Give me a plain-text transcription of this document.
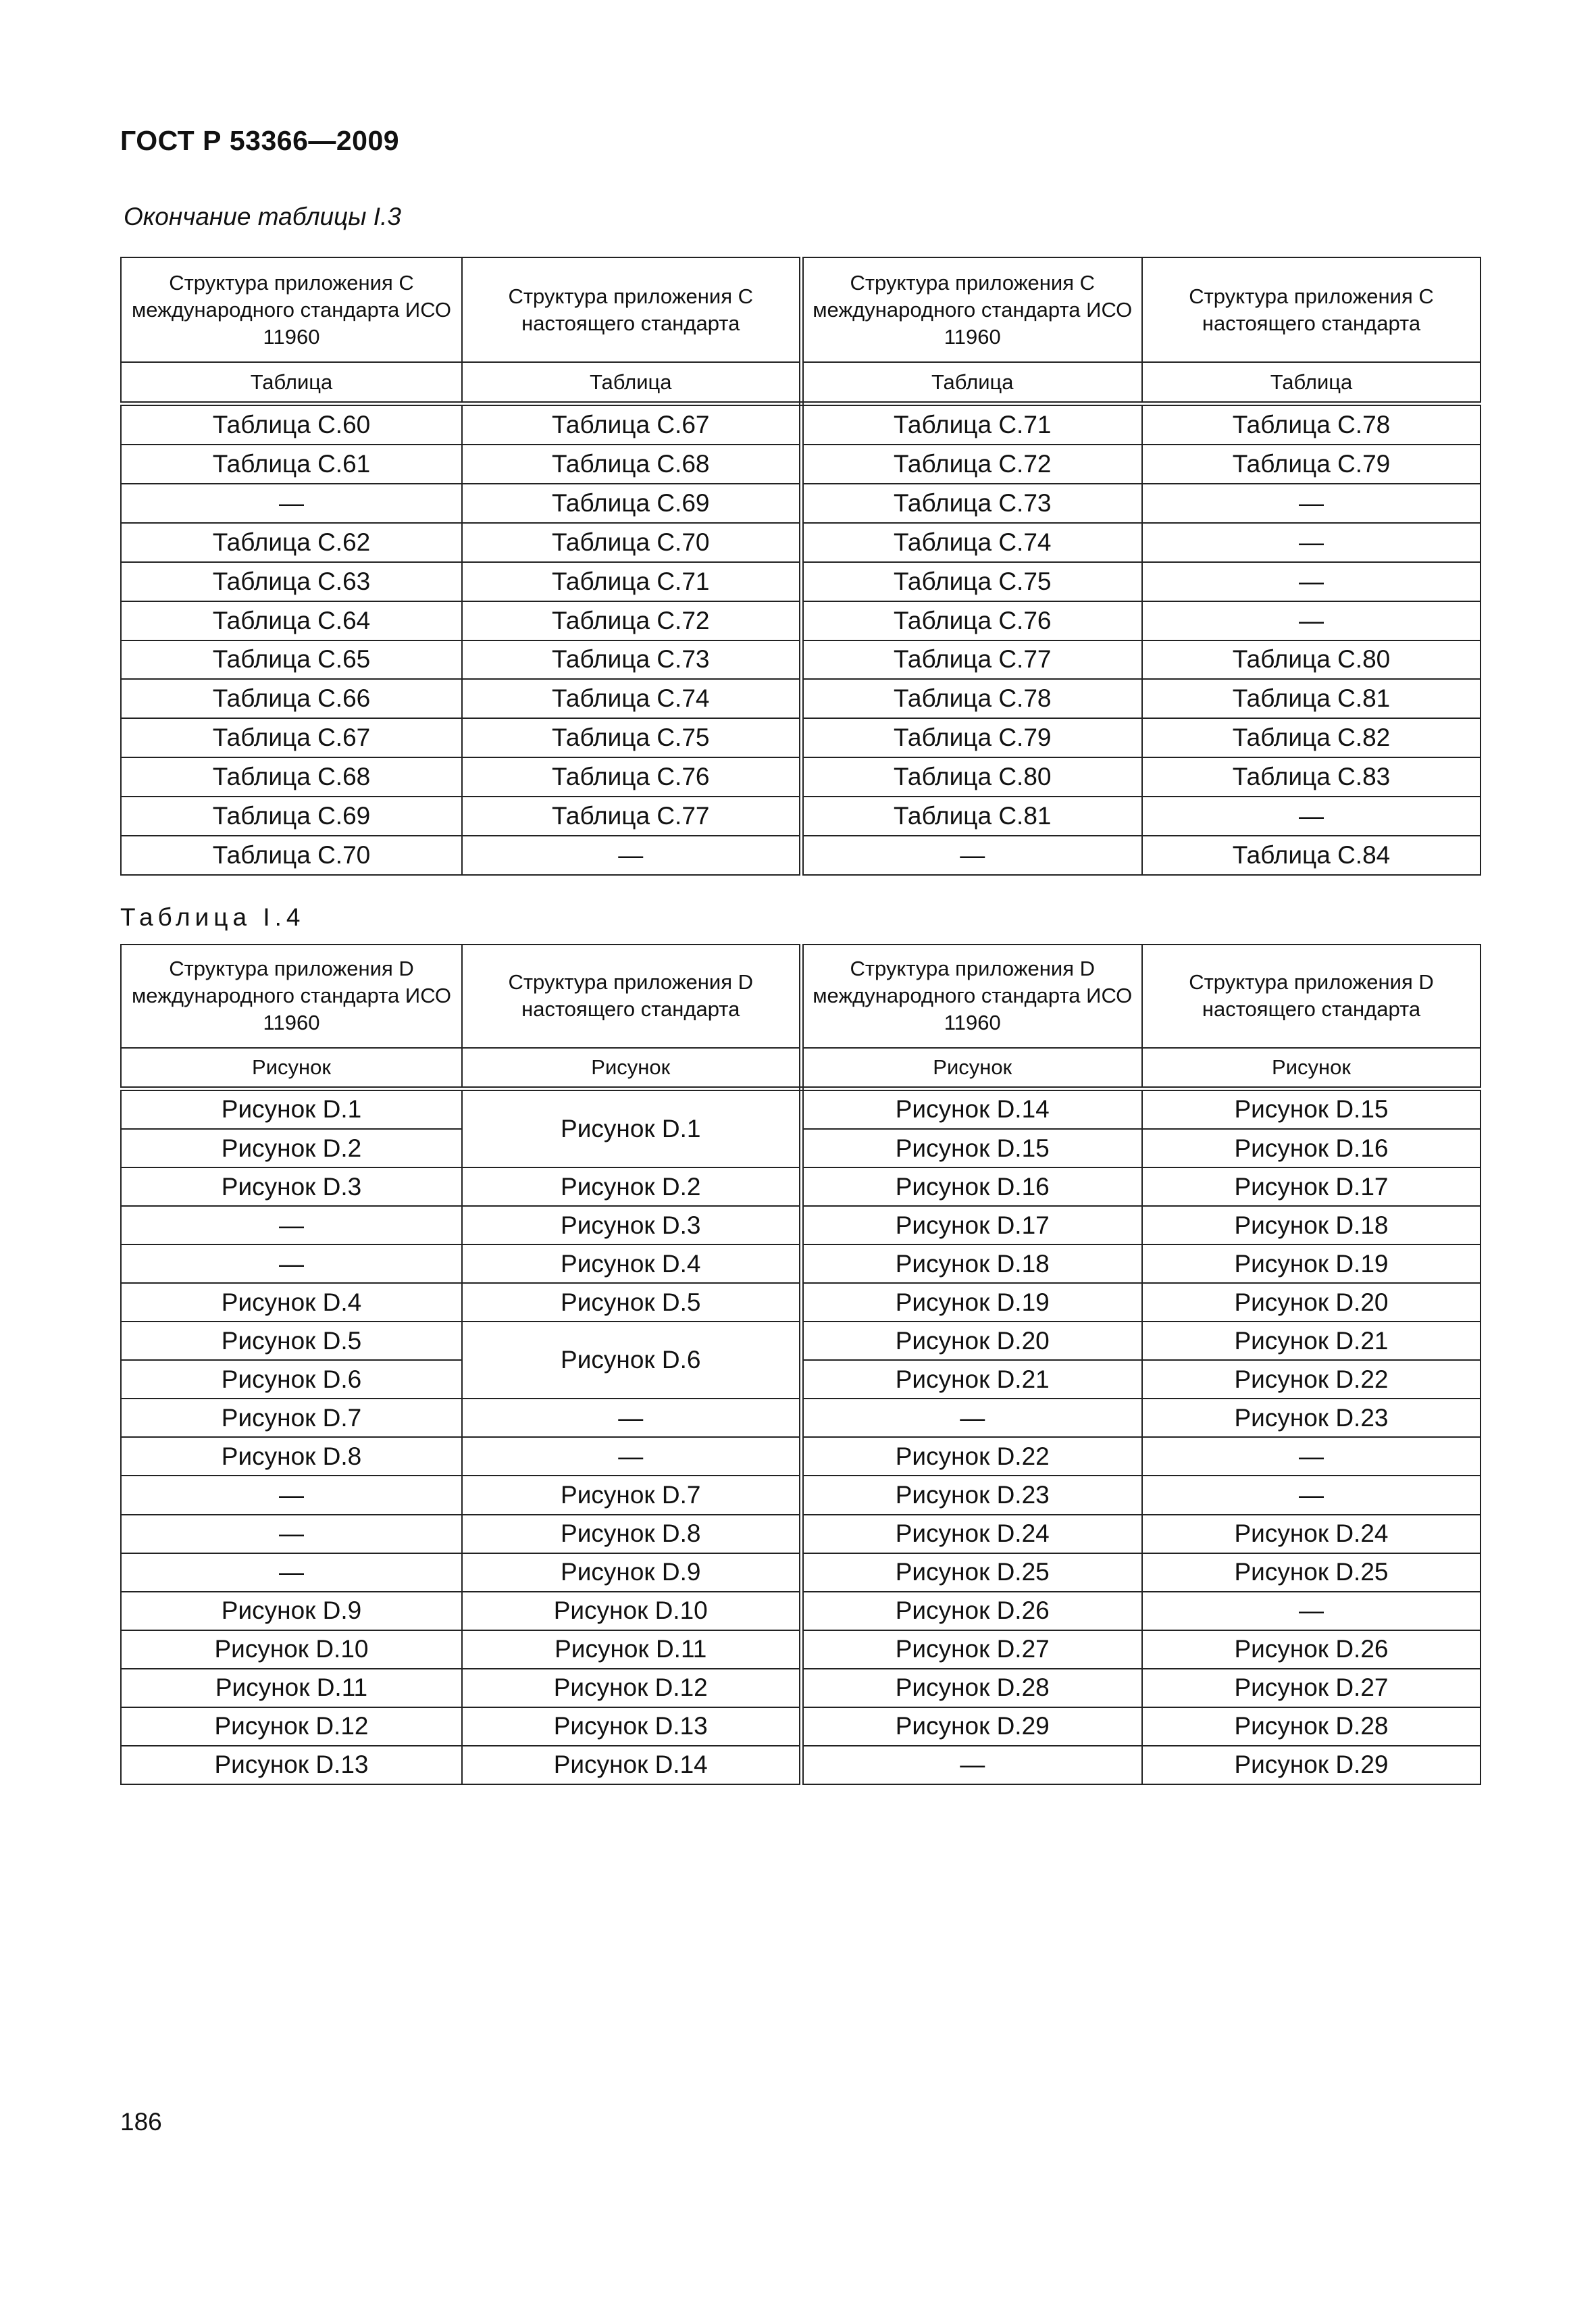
ГОСТ Р 53366—2009
Окончание таблицы I.3
Структура приложения С международного стандарта ИСО 11960	Структура приложения С настоящего стандарта	Структура приложения С международного стандарта ИСО 11960	Структура приложения С настоящего стандарта
Таблица	Таблица	Таблица	Таблица
Таблица С.60	Таблица С.67	Таблица С.71	Таблица С.78
Таблица С.61	Таблица С.68	Таблица С.72	Таблица С.79
—	Таблица С.69	Таблица С.73	—
Таблица С.62	Таблица С.70	Таблица С.74	—
Таблица С.63	Таблица С.71	Таблица С.75	—
Таблица С.64	Таблица С.72	Таблица С.76	—
Таблица С.65	Таблица С.73	Таблица С.77	Таблица С.80
Таблица С.66	Таблица С.74	Таблица С.78	Таблица С.81
Таблица С.67	Таблица С.75	Таблица С.79	Таблица С.82
Таблица С.68	Таблица С.76	Таблица С.80	Таблица С.83
Таблица С.69	Таблица С.77	Таблица С.81	—
Таблица С.70	—	—	Таблица С.84
Таблица I.4
Структура приложения D международного стандарта ИСО 11960	Структура приложения D настоящего стандарта	Структура приложения D международного стандарта ИСО 11960	Структура приложения D настоящего стандарта
Рисунок	Рисунок	Рисунок	Рисунок
Рисунок D.1	Рисунок D.1	Рисунок D.14	Рисунок D.15
Рисунок D.2		Рисунок D.15	Рисунок D.16
Рисунок D.3	Рисунок D.2	Рисунок D.16	Рисунок D.17
—	Рисунок D.3	Рисунок D.17	Рисунок D.18
—	Рисунок D.4	Рисунок D.18	Рисунок D.19
Рисунок D.4	Рисунок D.5	Рисунок D.19	Рисунок D.20
Рисунок D.5	Рисунок D.6	Рисунок D.20	Рисунок D.21
Рисунок D.6		Рисунок D.21	Рисунок D.22
Рисунок D.7	—	—	Рисунок D.23
Рисунок D.8	—	Рисунок D.22	—
—	Рисунок D.7	Рисунок D.23	—
—	Рисунок D.8	Рисунок D.24	Рисунок D.24
—	Рисунок D.9	Рисунок D.25	Рисунок D.25
Рисунок D.9	Рисунок D.10	Рисунок D.26	—
Рисунок D.10	Рисунок D.11	Рисунок D.27	Рисунок D.26
Рисунок D.11	Рисунок D.12	Рисунок D.28	Рисунок D.27
Рисунок D.12	Рисунок D.13	Рисунок D.29	Рисунок D.28
Рисунок D.13	Рисунок D.14	—	Рисунок D.29
186
